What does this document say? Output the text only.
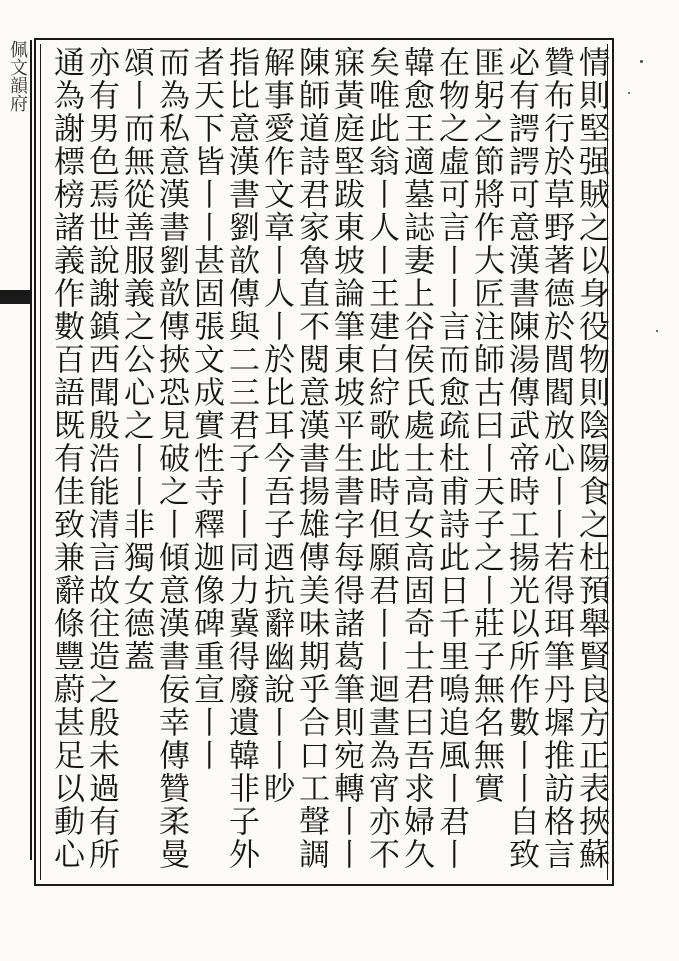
佩文韻府	情則堅强賊之以身役物則陰陽食之杜預舉賢良方正表挾蘇
贊布行於草野著德於閭閻放心丨丨若得珥筆丹墀推訪格言
必有諤諤可意漢書陳湯傳武帝時工揚光以所作數丨丨自致
匪躬之節將作大匠注師古曰丨天子之丨莊子無名無實
在物之虛可言丨丨言而愈疏杜甫詩此日千里鳴追風丨君丨
韓愈王適墓誌妻上谷侯氏處士高女高固奇士君曰吾求婦久
矣唯此翁丨人丨王建白紵歌此時但願君丨丨迴晝為宵亦不
寐黃庭堅跋東坡論筆東坡平生書字每得諸葛筆則宛轉丨丨
陳師道詩君家魯直不閱意漢書揚雄傳美味期乎合口工聲調
解事愛作文章丨人丨於比耳今吾子迺抗辭幽說丨丨眇
指比意漢書劉歆傳與二三君子丨丨同力冀得廢遺韓非子外
者天下皆丨丨甚固張文成實性寺釋迦像碑重宣丨丨
而為私意漢書劉歆傳挾恐見破之丨傾意漢書佞幸傳贊柔曼
頌丨而無從善服義之公心之丨丨非獨女德蓋
亦有男色焉世說謝鎮西聞殷浩能清言故往造之殷未過有所
通為謝標榜諸義作數百語既有佳致兼辭條豐蔚甚足以動心
